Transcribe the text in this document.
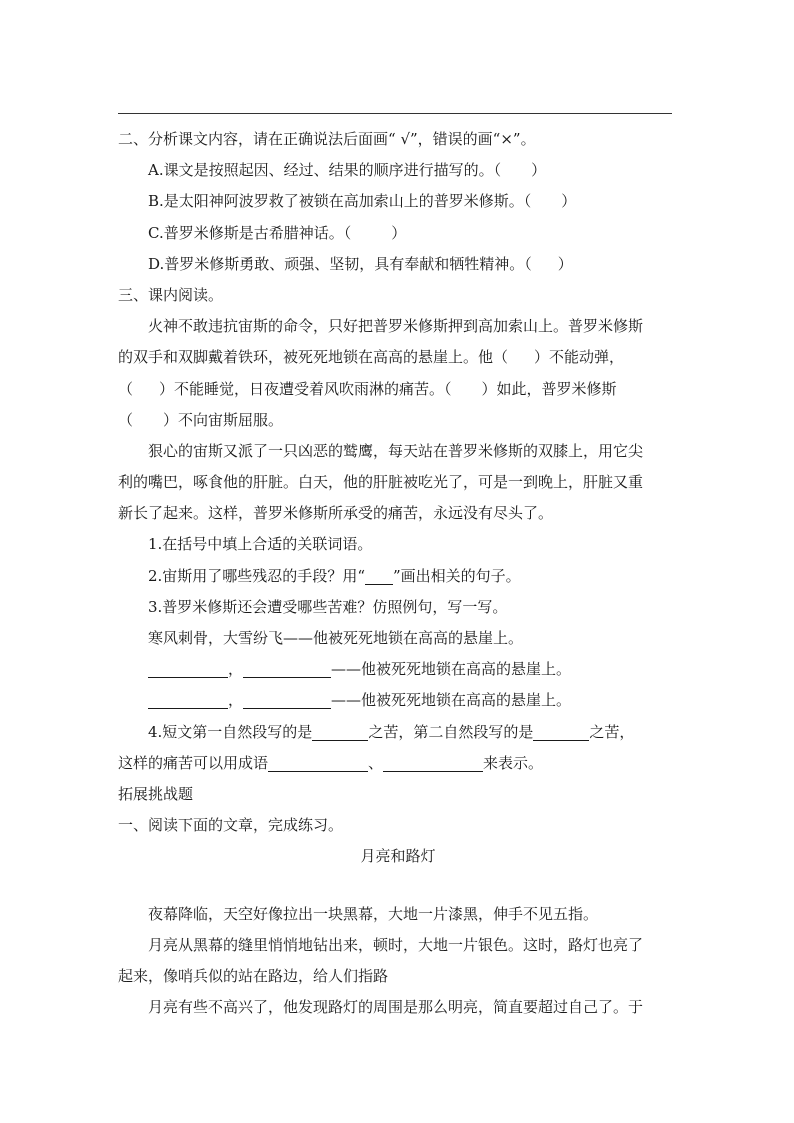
二、分析课文内容，请在正确说法后面画“ √”，错误的画“×”。
A.课文是按照起因、经过、结果的顺序进行描写的。（ ）
B.是太阳神阿波罗救了被锁在高加索山上的普罗米修斯。（ ）
C.普罗米修斯是古希腊神话。（	）
D.普罗米修斯勇敢、顽强、坚韧，具有奉献和牺牲精神。（ ）
三、课内阅读。
火神不敢违抗宙斯的命令，只好把普罗米修斯押到高加索山上。普罗米修斯
的双手和双脚戴着铁环，被死死地锁在高高的悬崖上。他（ ）不能动弹，
（ ）不能睡觉，日夜遭受着风吹雨淋的痛苦。（ ）如此，普罗米修斯
（ ）不向宙斯屈服。
狠心的宙斯又派了一只凶恶的鹫鹰，每天站在普罗米修斯的双膝上，用它尖
利的嘴巴，啄食他的肝脏。白天，他的肝脏被吃光了，可是一到晚上，肝脏又重
新长了起来。这样，普罗米修斯所承受的痛苦，永远没有尽头了。
1.在括号中填上合适的关联词语。
2.宙斯用了哪些残忍的手段？用“ ”画出相关的句子。
3.普罗米修斯还会遭受哪些苦难？仿照例句，写一写。
寒风刺骨，大雪纷飞——他被死死地锁在高高的悬崖上。
，	——他被死死地锁在高高的悬崖上。
，	——他被死死地锁在高高的悬崖上。
4.短文第一自然段写的是	之苦，第二自然段写的是	之苦，
这样的痛苦可以用成语	、	来表示。
拓展挑战题
一、阅读下面的文章，完成练习。
月亮和路灯
夜幕降临，天空好像拉出一块黑幕，大地一片漆黑，伸手不见五指。
月亮从黑幕的缝里悄悄地钻出来，顿时，大地一片银色。这时，路灯也亮了
起来，像哨兵似的站在路边，给人们指路
月亮有些不高兴了，他发现路灯的周围是那么明亮，简直要超过自己了。于
